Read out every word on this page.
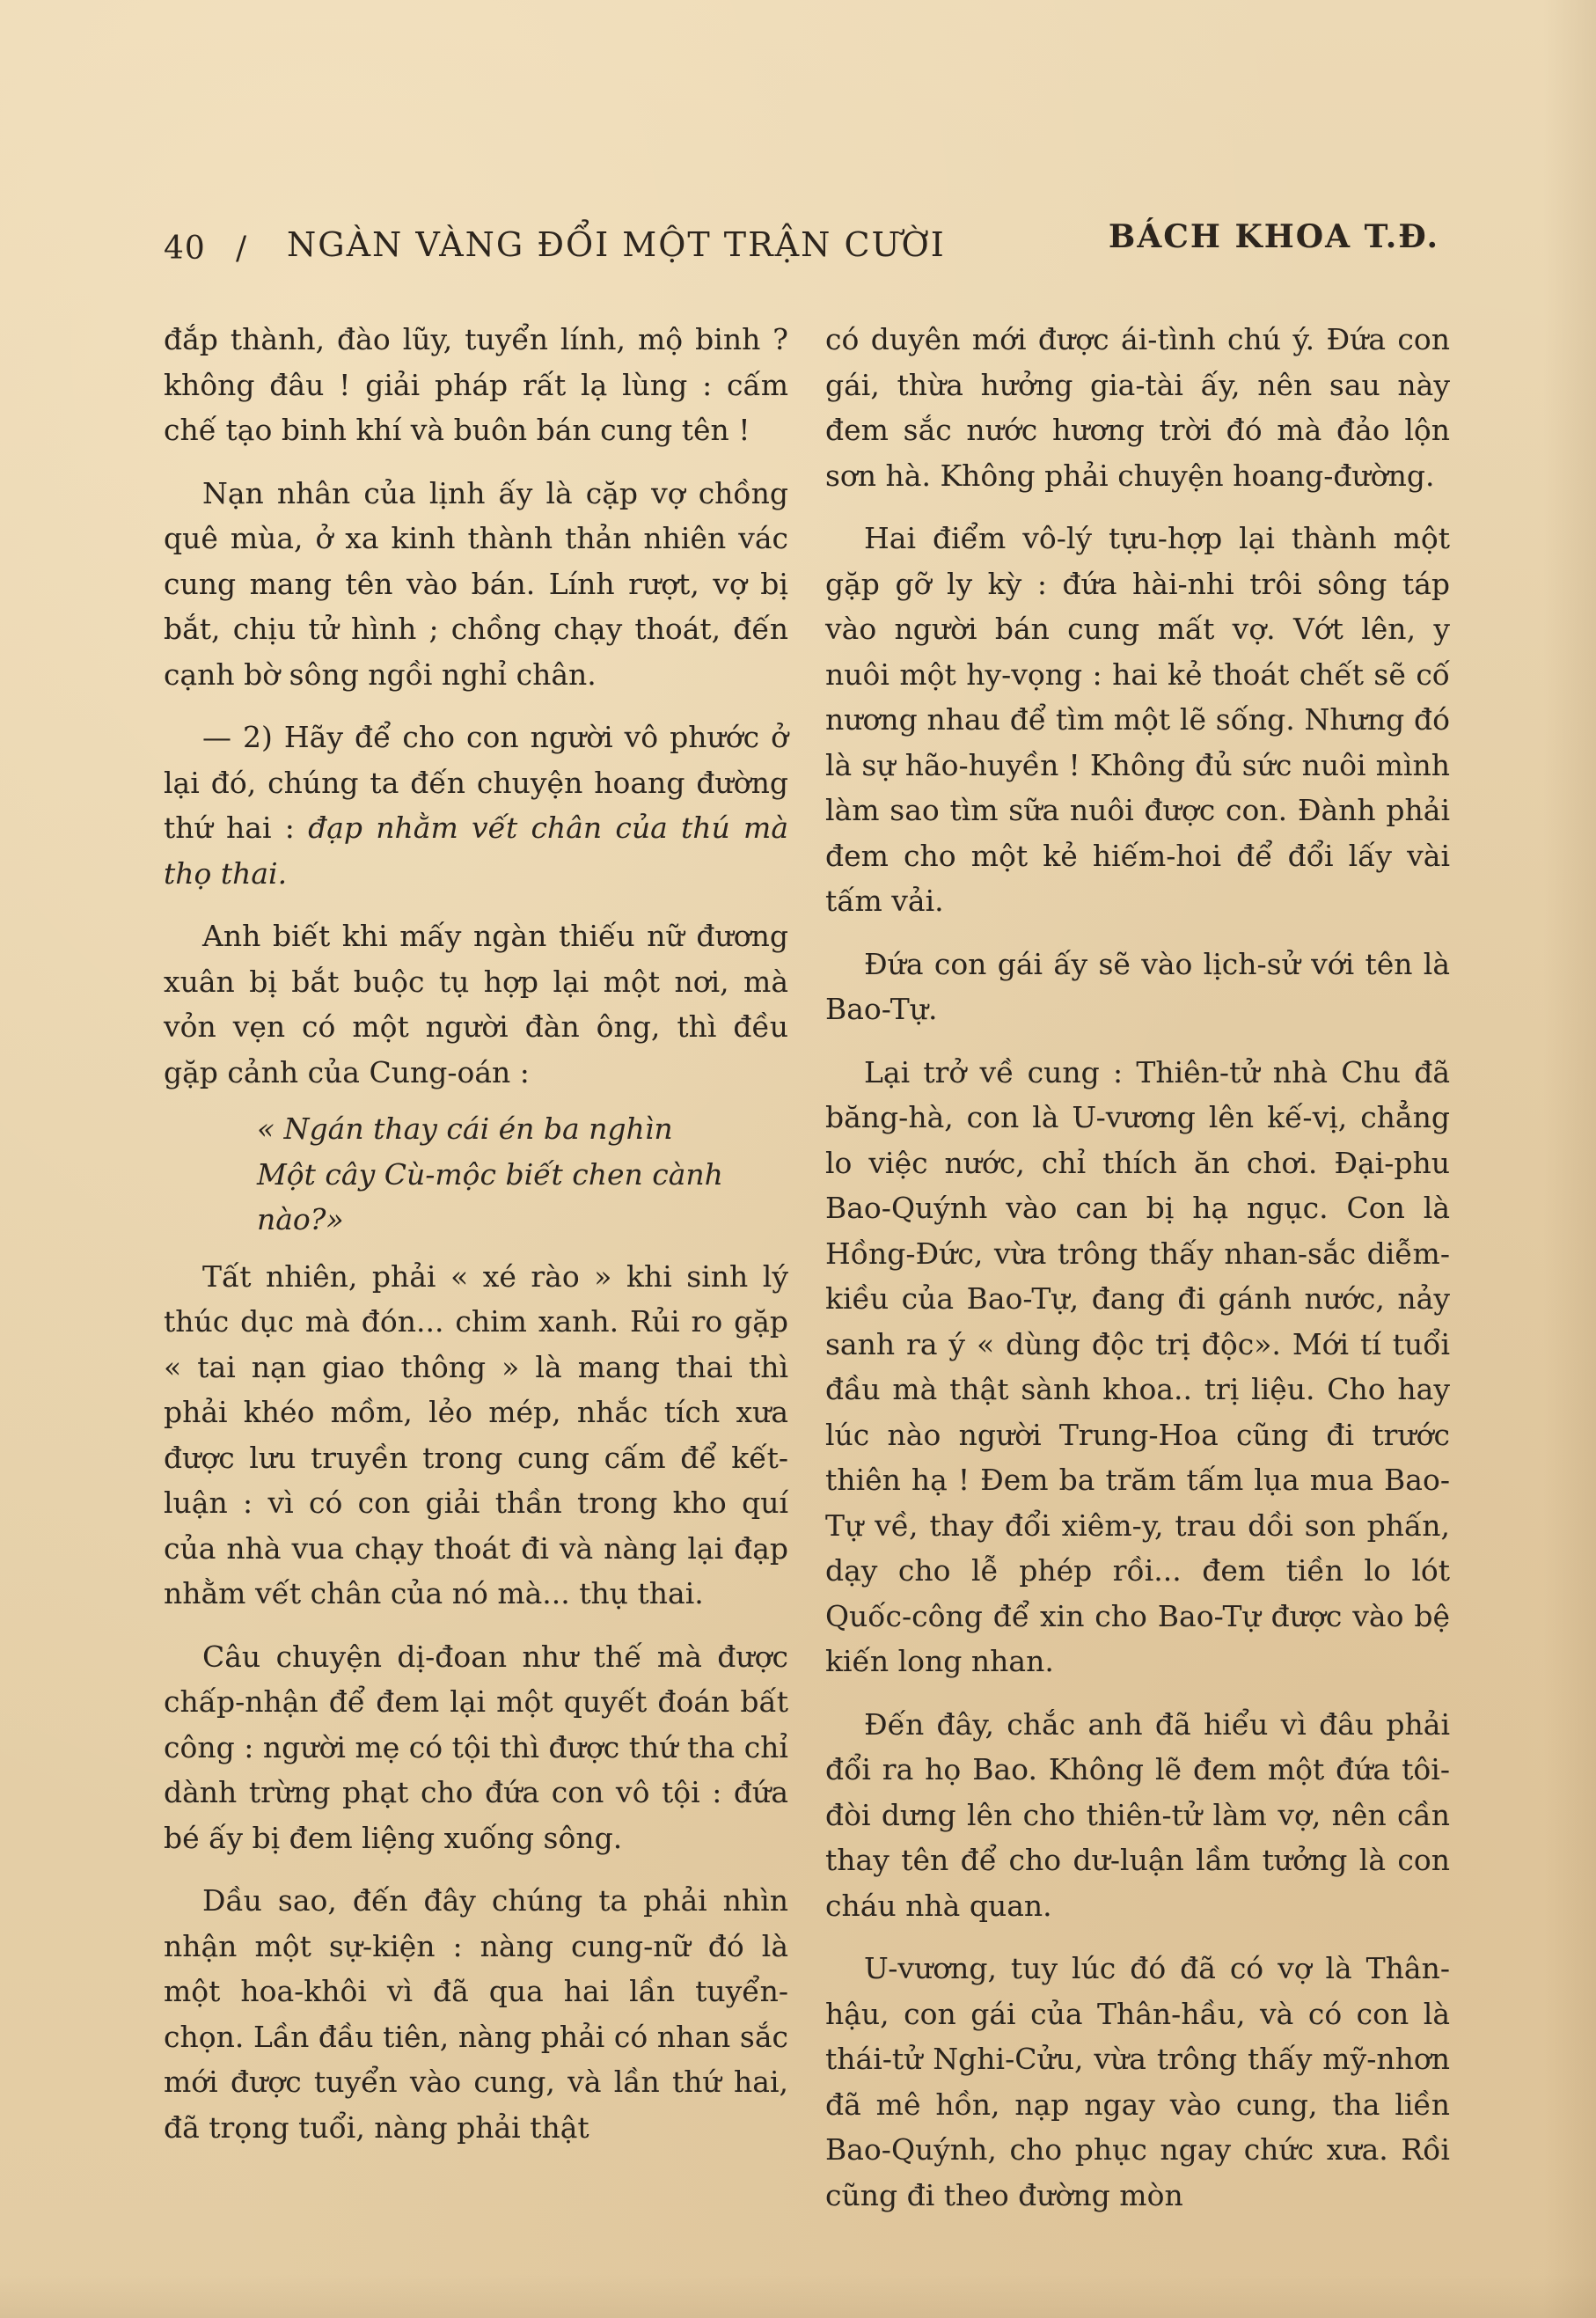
40 / NGÀN VÀNG ĐỔI MỘT TRẬN CƯỜI	BÁCH KHOA T.Đ.

đắp thành, đào lũy, tuyển lính, mộ binh ? không đâu ! giải pháp rất lạ lùng : cấm chế tạo binh khí và buôn bán cung tên !

Nạn nhân của lịnh ấy là cặp vợ chồng quê mùa, ở xa kinh thành thản nhiên vác cung mang tên vào bán. Lính rượt, vợ bị bắt, chịu tử hình ; chồng chạy thoát, đến cạnh bờ sông ngồi nghỉ chân.

— 2) Hãy để cho con người vô phước ở lại đó, chúng ta đến chuyện hoang đường thứ hai : đạp nhằm vết chân của thú mà thọ thai.

Anh biết khi mấy ngàn thiếu nữ đương xuân bị bắt buộc tụ hợp lại một nơi, mà vỏn vẹn có một người đàn ông, thì đều gặp cảnh của Cung-oán :

« Ngán thay cái én ba nghìn
Một cây Cù-mộc biết chen cành nào?»

Tất nhiên, phải « xé rào » khi sinh lý thúc dục mà đón... chim xanh. Rủi ro gặp « tai nạn giao thông » là mang thai thì phải khéo mồm, lẻo mép, nhắc tích xưa được lưu truyền trong cung cấm để kết-luận : vì có con giải thần trong kho quí của nhà vua chạy thoát đi và nàng lại đạp nhằm vết chân của nó mà... thụ thai.

Câu chuyện dị-đoan như thế mà được chấp-nhận để đem lại một quyết đoán bất công : người mẹ có tội thì được thứ tha chỉ dành trừng phạt cho đứa con vô tội : đứa bé ấy bị đem liệng xuống sông.

Dầu sao, đến đây chúng ta phải nhìn nhận một sự-kiện : nàng cung-nữ đó là một hoa-khôi vì đã qua hai lần tuyển-chọn. Lần đầu tiên, nàng phải có nhan sắc mới được tuyển vào cung, và lần thứ hai, đã trọng tuổi, nàng phải thật

có duyên mới được ái-tình chú ý. Đứa con gái, thừa hưởng gia-tài ấy, nên sau này đem sắc nước hương trời đó mà đảo lộn sơn hà. Không phải chuyện hoang-đường.

Hai điểm vô-lý tựu-hợp lại thành một gặp gỡ ly kỳ : đứa hài-nhi trôi sông táp vào người bán cung mất vợ. Vớt lên, y nuôi một hy-vọng : hai kẻ thoát chết sẽ cố nương nhau để tìm một lẽ sống. Nhưng đó là sự hão-huyền ! Không đủ sức nuôi mình làm sao tìm sữa nuôi được con. Đành phải đem cho một kẻ hiếm-hoi để đổi lấy vài tấm vải.

Đứa con gái ấy sẽ vào lịch-sử với tên là Bao-Tự.

Lại trở về cung : Thiên-tử nhà Chu đã băng-hà, con là U-vương lên kế-vị, chẳng lo việc nước, chỉ thích ăn chơi. Đại-phu Bao-Quýnh vào can bị hạ ngục. Con là Hồng-Đức, vừa trông thấy nhan-sắc diễm-kiều của Bao-Tự, đang đi gánh nước, nảy sanh ra ý « dùng độc trị độc». Mới tí tuổi đầu mà thật sành khoa.. trị liệu. Cho hay lúc nào người Trung-Hoa cũng đi trước thiên hạ ! Đem ba trăm tấm lụa mua Bao-Tự về, thay đổi xiêm-y, trau dồi son phấn, dạy cho lễ phép rồi... đem tiền lo lót Quốc-công để xin cho Bao-Tự được vào bệ kiến long nhan.

Đến đây, chắc anh đã hiểu vì đâu phải đổi ra họ Bao. Không lẽ đem một đứa tôi-đòi dưng lên cho thiên-tử làm vợ, nên cần thay tên để cho dư-luận lầm tưởng là con cháu nhà quan.

U-vương, tuy lúc đó đã có vợ là Thân-hậu, con gái của Thân-hầu, và có con là thái-tử Nghi-Cửu, vừa trông thấy mỹ-nhơn đã mê hồn, nạp ngay vào cung, tha liền Bao-Quýnh, cho phục ngay chức xưa. Rồi cũng đi theo đường mòn
